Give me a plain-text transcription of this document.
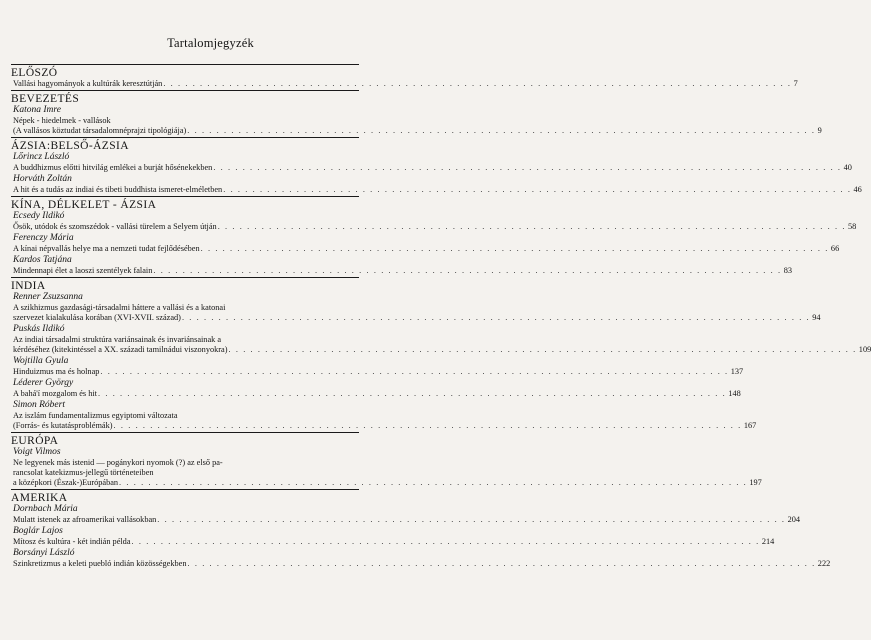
Tartalomjegyzék
ELŐSZÓ
Vallási hagyományok a kultúrák keresztútján . . . . . . . . . . . . . . . . . . . . . . . . . . . . . . . . . . . . . . . . . . . . . . . . . . . . . . . . . . . . . . . . . . . . . . . . . . . . . . . . . . . . . . 7
BEVEZETÉS
Katona Imre
Népek - hiedelmek - vallások
(A vallásos köztudat társadalomnéprajzi tipológiája) . . . . . . . . . . . . . . . . . . . . . . . . . . . . . . . . . . . . . . . . . . . . . . . . . . . . . . . . . . . . . . . . . . . . . . . . . . . . . . . . . . . . . . 9
ÁZSIA:BELSŐ-ÁZSIA
Lőrincz László
A buddhizmus előtti hitvilág emlékei a burját hősénekekben . . . . . . . . . . . . . . . . . . . . . . . . . . . . . . . . . . . . . . . . . . . . . . . . . . . . . . . . . . . . . . . . . . . . . . . . . . . . . . . . . . . . . . 40
Horváth Zoltán
A hit és a tudás az indiai és tibeti buddhista ismeret-elméletben . . . . . . . . . . . . . . . . . . . . . . . . . . . . . . . . . . . . . . . . . . . . . . . . . . . . . . . . . . . . . . . . . . . . . . . . . . . . . . . . . . . . . . 46
KÍNA, DÉLKELET - ÁZSIA
Ecsedy Ildikó
Ősök, utódok és szomszédok - vallási türelem a Selyem útján . . . . . . . . . . . . . . . . . . . . . . . . . . . . . . . . . . . . . . . . . . . . . . . . . . . . . . . . . . . . . . . . . . . . . . . . . . . . . . . . . . . . . . 58
Ferenczy Mária
A kínai népvallás helye ma a nemzeti tudat fejlődésében . . . . . . . . . . . . . . . . . . . . . . . . . . . . . . . . . . . . . . . . . . . . . . . . . . . . . . . . . . . . . . . . . . . . . . . . . . . . . . . . . . . . . . 66
Kardos Tatjána
Mindennapi élet a laoszi szentélyek falain . . . . . . . . . . . . . . . . . . . . . . . . . . . . . . . . . . . . . . . . . . . . . . . . . . . . . . . . . . . . . . . . . . . . . . . . . . . . . . . . . . . . . . 83
INDIA
Renner Zsuzsanna
A szikhizmus gazdasági-társadalmi háttere a vallási és a katonai
szervezet kialakulása korában (XVI-XVII. század) . . . . . . . . . . . . . . . . . . . . . . . . . . . . . . . . . . . . . . . . . . . . . . . . . . . . . . . . . . . . . . . . . . . . . . . . . . . . . . . . . . . . . . 94
Puskás Ildikó
Az indiai társadalmi struktúra variánsainak és invariánsainak a
kérdéséhez (kitekintéssel a XX. századi tamilnádui viszonyokra) . . . . . . . . . . . . . . . . . . . . . . . . . . . . . . . . . . . . . . . . . . . . . . . . . . . . . . . . . . . . . . . . . . . . . . . . . . . . . . . . . . . . . . 109
Wojtilla Gyula
Hinduizmus ma és holnap . . . . . . . . . . . . . . . . . . . . . . . . . . . . . . . . . . . . . . . . . . . . . . . . . . . . . . . . . . . . . . . . . . . . . . . . . . . . . . . . . . . . . . 137
Léderer György
A bahá'í mozgalom és hit . . . . . . . . . . . . . . . . . . . . . . . . . . . . . . . . . . . . . . . . . . . . . . . . . . . . . . . . . . . . . . . . . . . . . . . . . . . . . . . . . . . . . . 148
Simon Róbert
Az iszlám fundamentalizmus egyiptomi változata
(Forrás- és kutatásproblémák) . . . . . . . . . . . . . . . . . . . . . . . . . . . . . . . . . . . . . . . . . . . . . . . . . . . . . . . . . . . . . . . . . . . . . . . . . . . . . . . . . . . . . . 167
EURÓPA
Voigt Vilmos
Ne legyenek más istenid — pogánykori nyomok (?) az első pa-
rancsolat katekizmus-jellegű történeteiben
a középkori (Észak-)Európában . . . . . . . . . . . . . . . . . . . . . . . . . . . . . . . . . . . . . . . . . . . . . . . . . . . . . . . . . . . . . . . . . . . . . . . . . . . . . . . . . . . . . . 197
AMERIKA
Dornbach Mária
Mulatt istenek az afroamerikai vallásokban . . . . . . . . . . . . . . . . . . . . . . . . . . . . . . . . . . . . . . . . . . . . . . . . . . . . . . . . . . . . . . . . . . . . . . . . . . . . . . . . . . . . . . 204
Boglár Lajos
Mítosz és kultúra - két indián példa . . . . . . . . . . . . . . . . . . . . . . . . . . . . . . . . . . . . . . . . . . . . . . . . . . . . . . . . . . . . . . . . . . . . . . . . . . . . . . . . . . . . . . 214
Borsányi László
Szinkretizmus a keleti puebló indián közösségekben . . . . . . . . . . . . . . . . . . . . . . . . . . . . . . . . . . . . . . . . . . . . . . . . . . . . . . . . . . . . . . . . . . . . . . . . . . . . . . . . . . . . . . 222
